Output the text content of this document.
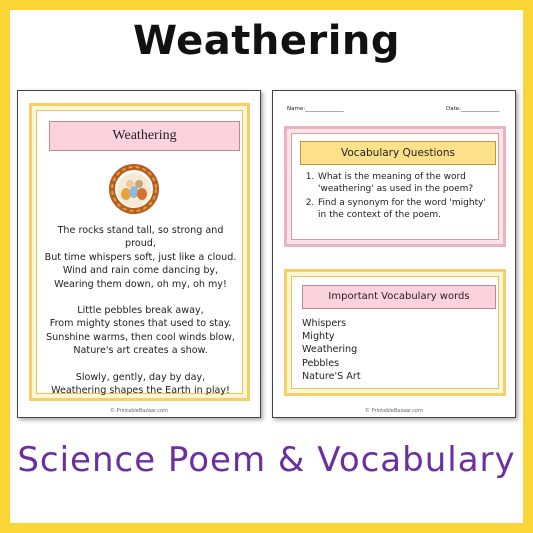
Weathering
Weathering
The rocks stand tall, so strong and proud,
But time whispers soft, just like a cloud.
Wind and rain come dancing by,
Wearing them down, oh my, oh my!
Little pebbles break away,
From mighty stones that used to stay.
Sunshine warms, then cool winds blow,
Nature's art creates a show.
Slowly, gently, day by day,
Weathering shapes the Earth in play!
© PrintableBazaar.com
Name:______________	Date:______________
Vocabulary Questions
1. What is the meaning of the word 'weathering' as used in the poem?
2. Find a synonym for the word 'mighty' in the context of the poem.
Important Vocabulary words
Whispers
Mighty
Weathering
Pebbles
Nature'S Art
© PrintableBazaar.com
Science Poem & Vocabulary
